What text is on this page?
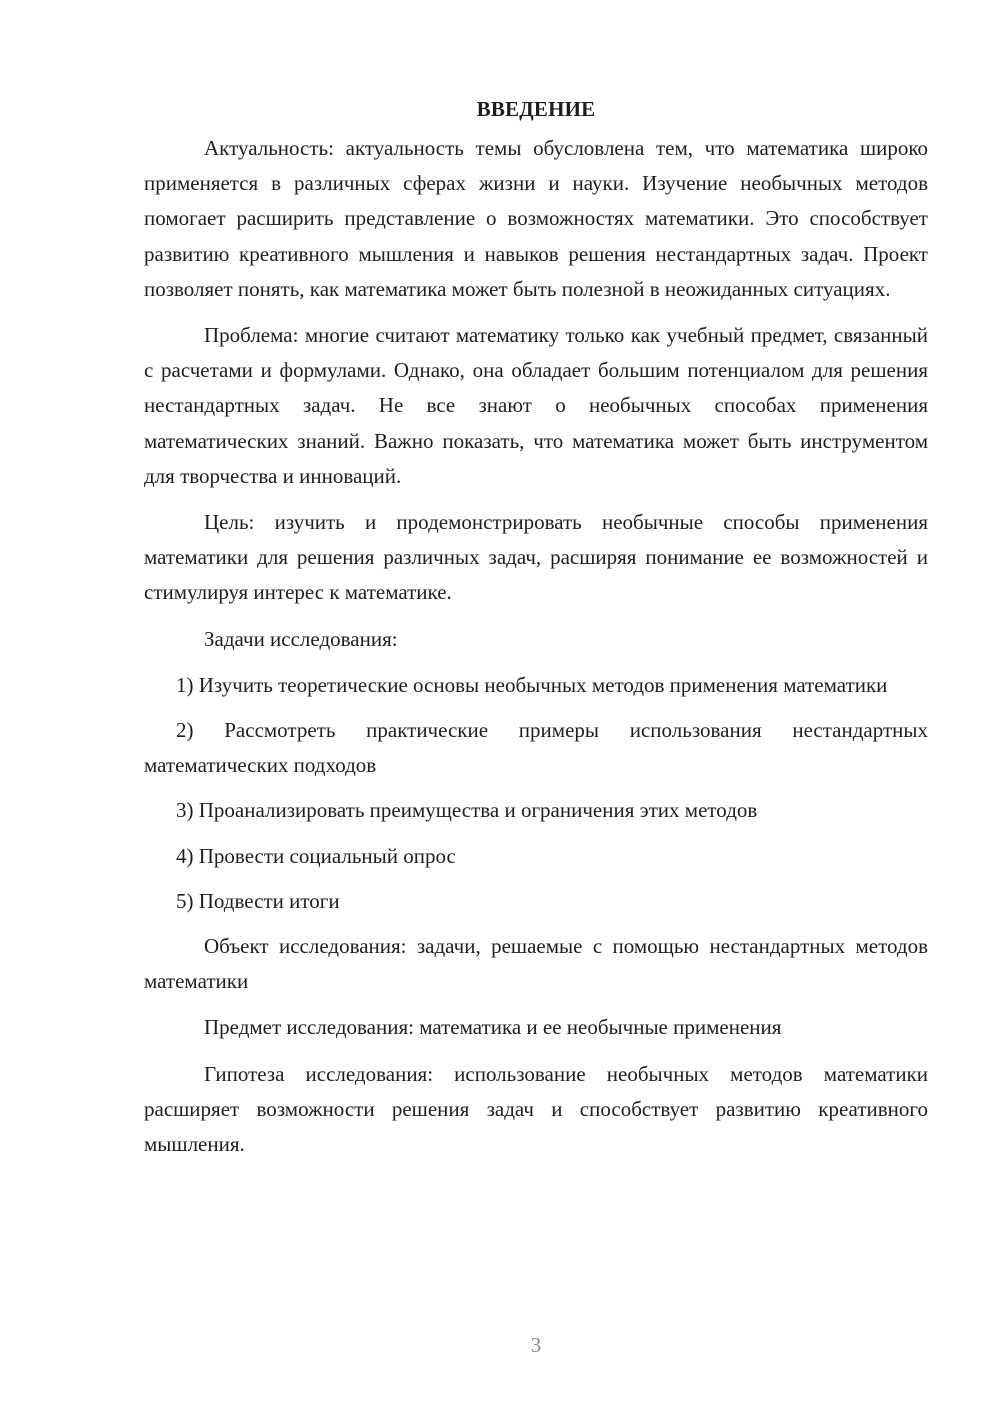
ВВЕДЕНИЕ

Актуальность: актуальность темы обусловлена тем, что математика широко применяется в различных сферах жизни и науки. Изучение необычных методов помогает расширить представление о возможностях математики. Это способствует развитию креативного мышления и навыков решения нестандартных задач. Проект позволяет понять, как математика может быть полезной в неожиданных ситуациях.

Проблема: многие считают математику только как учебный предмет, связанный с расчетами и формулами. Однако, она обладает большим потенциалом для решения нестандартных задач. Не все знают о необычных способах применения математических знаний. Важно показать, что математика может быть инструментом для творчества и инноваций.

Цель: изучить и продемонстрировать необычные способы применения математики для решения различных задач, расширяя понимание ее возможностей и стимулируя интерес к математике.

Задачи исследования:

1) Изучить теоретические основы необычных методов применения математики

2) Рассмотреть практические примеры использования нестандартных математических подходов

3) Проанализировать преимущества и ограничения этих методов

4) Провести социальный опрос

5) Подвести итоги

Объект исследования: задачи, решаемые с помощью нестандартных методов математики

Предмет исследования: математика и ее необычные применения

Гипотеза исследования: использование необычных методов математики расширяет возможности решения задач и способствует развитию креативного мышления.

3
